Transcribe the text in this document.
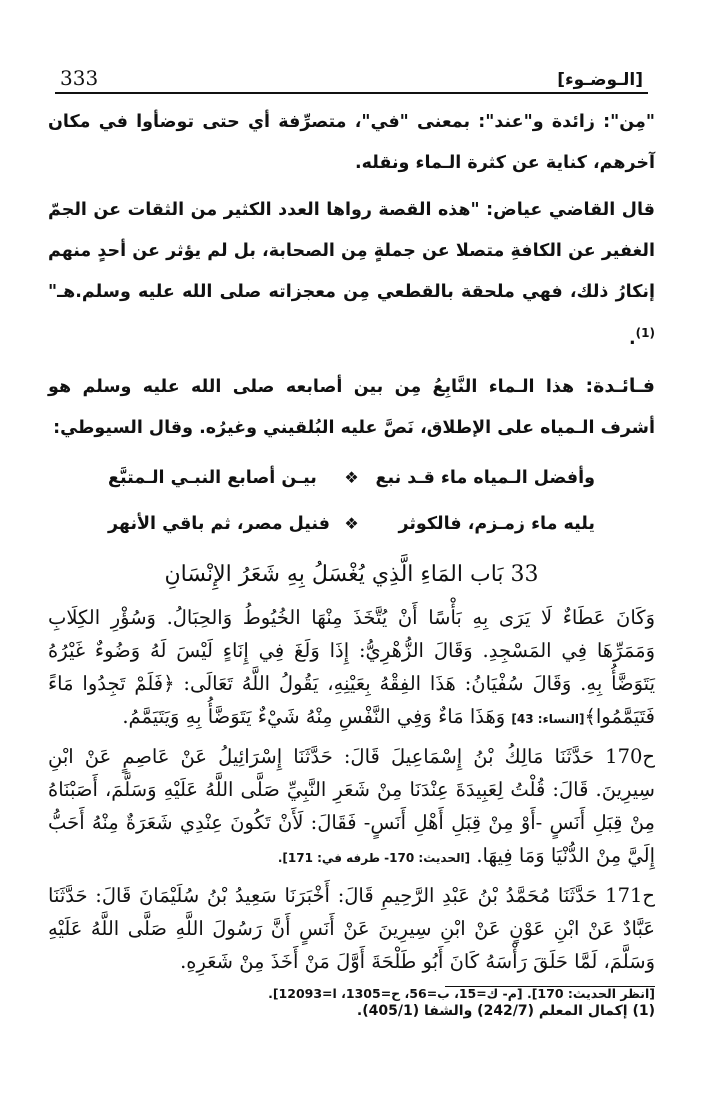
333	[الـوضـوء]

"مِن": زائدة و"عند": بمعنى "في"، متصرِّفة أي حتى توضأوا في مكان آخرهم، كناية عن كثرة الـماء ونقله.

قال القاضي عياض: "هذه القصة رواها العدد الكثير من الثقات عن الجمّ الغفير عن الكافةِ متصلا عن جملةٍ مِن الصحابة، بل لم يؤثر عن أحدٍ منهم إنكارُ ذلك، فهي ملحقة بالقطعي مِن معجزاته صلى الله عليه وسلم.هـ"$^{(1)}$.

فـائـدة: هذا الـماء النَّابِعُ مِن بين أصابعه صلى الله عليه وسلم هو أشرف الـمياه على الإطلاق، نَصَّ عليه البُلقيني وغيرُه. وقال السيوطي:

وأفضل الـمياه ماء قـد نبع
❖
بيـن أصابع النبـي الـمتبَّع
يليه ماء زمـزم، فالكوثر
❖
فنيل مصر، ثم باقي الأنهر
33 بَاب المَاءِ الَّذِي يُغْسَلُ بِهِ شَعَرُ الإِنْسَانِ

وَكَانَ عَطَاءٌ لَا يَرَى بِهِ بَأْسًا أَنْ يُتَّخَذَ مِنْهَا الخُيُوطُ وَالحِبَالُ. وَسُؤْرِ الكِلَابِ وَمَمَرِّهَا فِي المَسْجِدِ. وَقَالَ الزُّهْرِيُّ: إِذَا وَلَغَ فِي إِنَاءٍ لَيْسَ لَهُ وَضُوءٌ غَيْرُهُ يَتَوَضَّأُ بِهِ. وَقَالَ سُفْيَانُ: هَذَا الفِقْهُ بِعَيْنِهِ، يَقُولُ اللَّهُ تَعَالَى: ﴿فَلَمْ تَجِدُوا مَاءً فَتَيَمَّمُوا﴾[النساء: 43] وَهَذَا مَاءٌ وَفِي النَّفْسِ مِنْهُ شَيْءٌ يَتَوَضَّأُ بِهِ وَيَتَيَمَّمُ.

ح170 حَدَّثَنَا مَالِكُ بْنُ إِسْمَاعِيلَ قَالَ: حَدَّثَنَا إِسْرَائِيلُ عَنْ عَاصِمٍ عَنْ ابْنِ سِيرِينَ. قَالَ: قُلْتُ لِعَبِيدَةَ عِنْدَنَا مِنْ شَعَرِ النَّبِيِّ صَلَّى اللَّهُ عَلَيْهِ وَسَلَّمَ، أَصَبْنَاهُ مِنْ قِبَلِ أَنَسٍ -أَوْ مِنْ قِبَلِ أَهْلِ أَنَسٍ- فَقَالَ: لَأَنْ تَكُونَ عِنْدِي شَعَرَةٌ مِنْهُ أَحَبُّ إِلَيَّ مِنْ الدُّنْيَا وَمَا فِيهَا. [الحديث: 170- طرفه في: 171].

ح171 حَدَّثَنَا مُحَمَّدُ بْنُ عَبْدِ الرَّحِيمِ قَالَ: أَخْبَرَنَا سَعِيدُ بْنُ سُلَيْمَانَ قَالَ: حَدَّثَنَا عَبَّادٌ عَنْ ابْنِ عَوْنٍ عَنْ ابْنِ سِيرِينَ عَنْ أَنَسٍ أَنَّ رَسُولَ اللَّهِ صَلَّى اللَّهُ عَلَيْهِ وَسَلَّمَ، لَمَّا حَلَقَ رَأْسَهُ كَانَ أَبُو طَلْحَةَ أَوَّلَ مَنْ أَخَذَ مِنْ شَعَرِهِ.

[انظر الحديث: 170]. [م- ك=15، ب=56، ح=1305، ا=12093].

(1) إكمال المعلم (242/7) والشفا (405/1).
